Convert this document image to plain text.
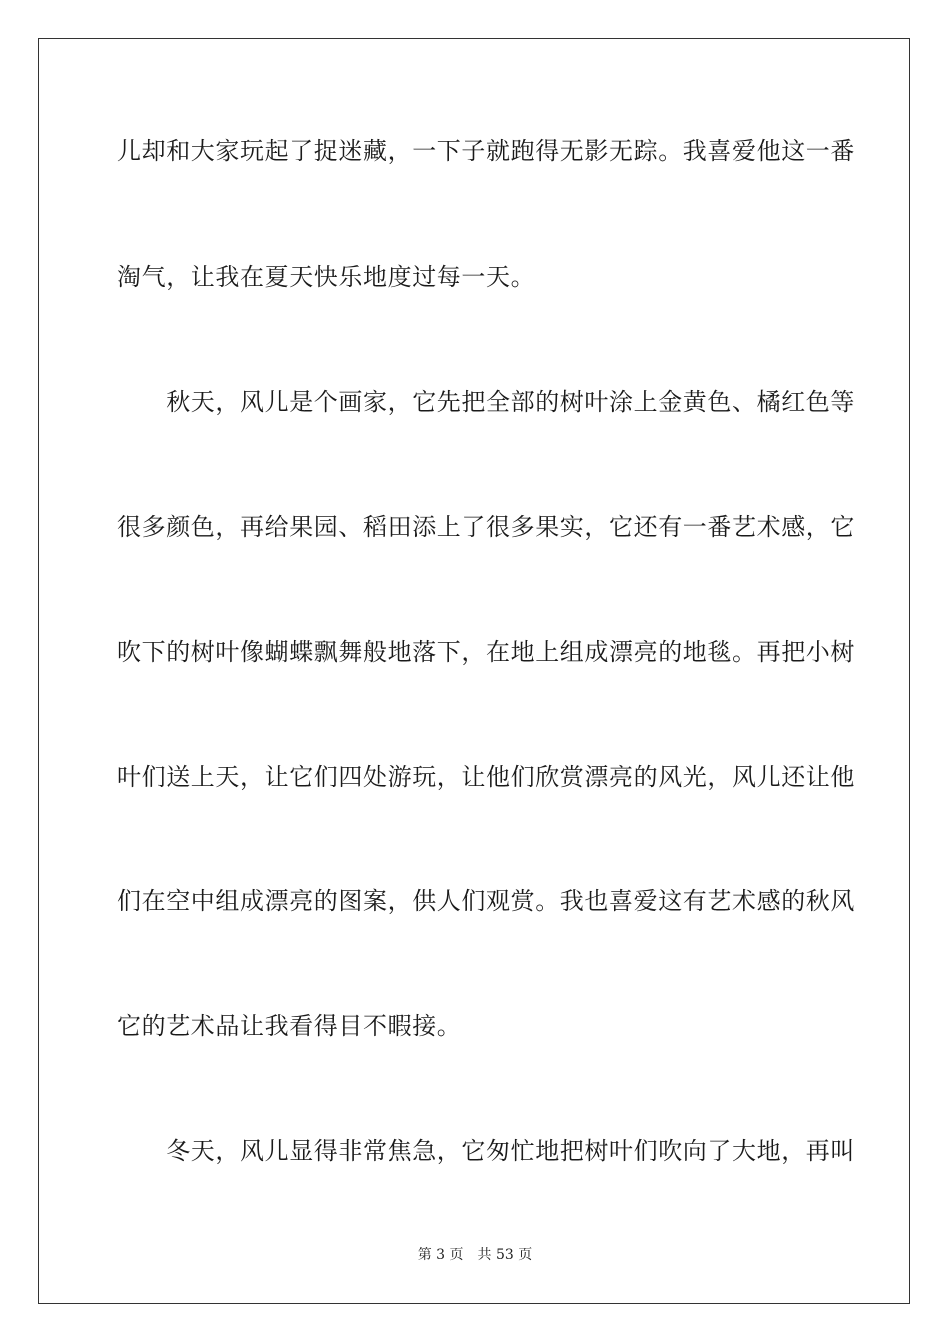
儿却和大家玩起了捉迷藏，一下子就跑得无影无踪。我喜爱他这一番
淘气，让我在夏天快乐地度过每一天。
　　秋天，风儿是个画家，它先把全部的树叶涂上金黄色、橘红色等
很多颜色，再给果园、稻田添上了很多果实，它还有一番艺术感，它
吹下的树叶像蝴蝶飘舞般地落下，在地上组成漂亮的地毯。再把小树
叶们送上天，让它们四处游玩，让他们欣赏漂亮的风光，风儿还让他
们在空中组成漂亮的图案，供人们观赏。我也喜爱这有艺术感的秋风
它的艺术品让我看得目不暇接。
　　冬天，风儿显得非常焦急，它匆忙地把树叶们吹向了大地，再叫
第 3 页　共 53 页
